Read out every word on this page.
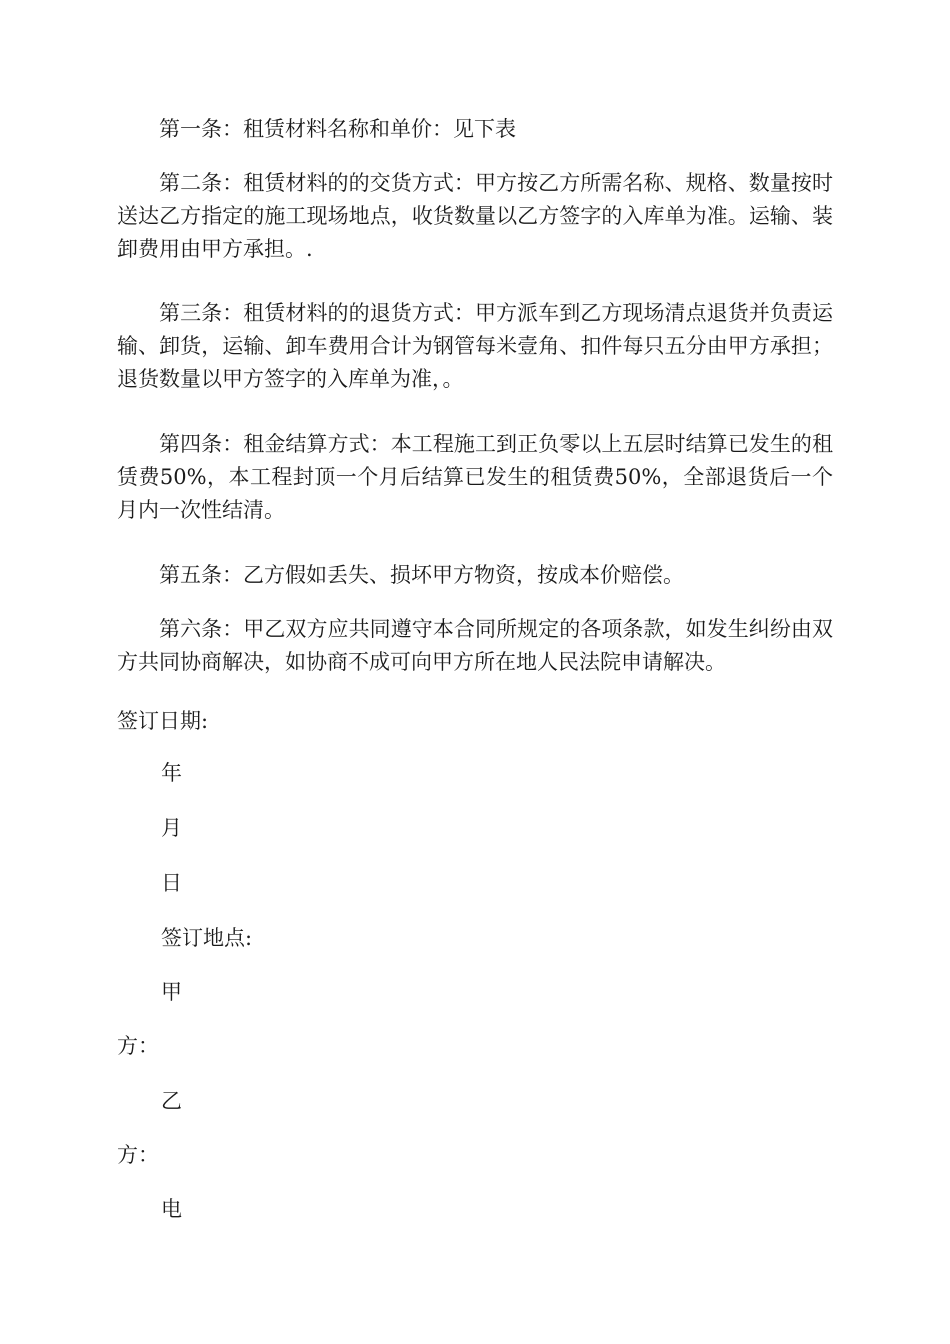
第一条：租赁材料名称和单价：见下表

第二条：租赁材料的的交货方式：甲方按乙方所需名称、规格、数量按时送达乙方指定的施工现场地点，收货数量以乙方签字的入库单为准。运输、装卸费用由甲方承担。.

第三条：租赁材料的的退货方式：甲方派车到乙方现场清点退货并负责运输、卸货，运输、卸车费用合计为钢管每米壹角、扣件每只五分由甲方承担；退货数量以甲方签字的入库单为准，。

第四条：租金结算方式：本工程施工到正负零以上五层时结算已发生的租赁费50%，本工程封顶一个月后结算已发生的租赁费50%，全部退货后一个月内一次性结清。

第五条：乙方假如丢失、损坏甲方物资，按成本价赔偿。

第六条：甲乙双方应共同遵守本合同所规定的各项条款，如发生纠纷由双方共同协商解决，如协商不成可向甲方所在地人民法院申请解决。

签订日期:

年

月

日

签订地点:

甲

方：

乙

方：

电
